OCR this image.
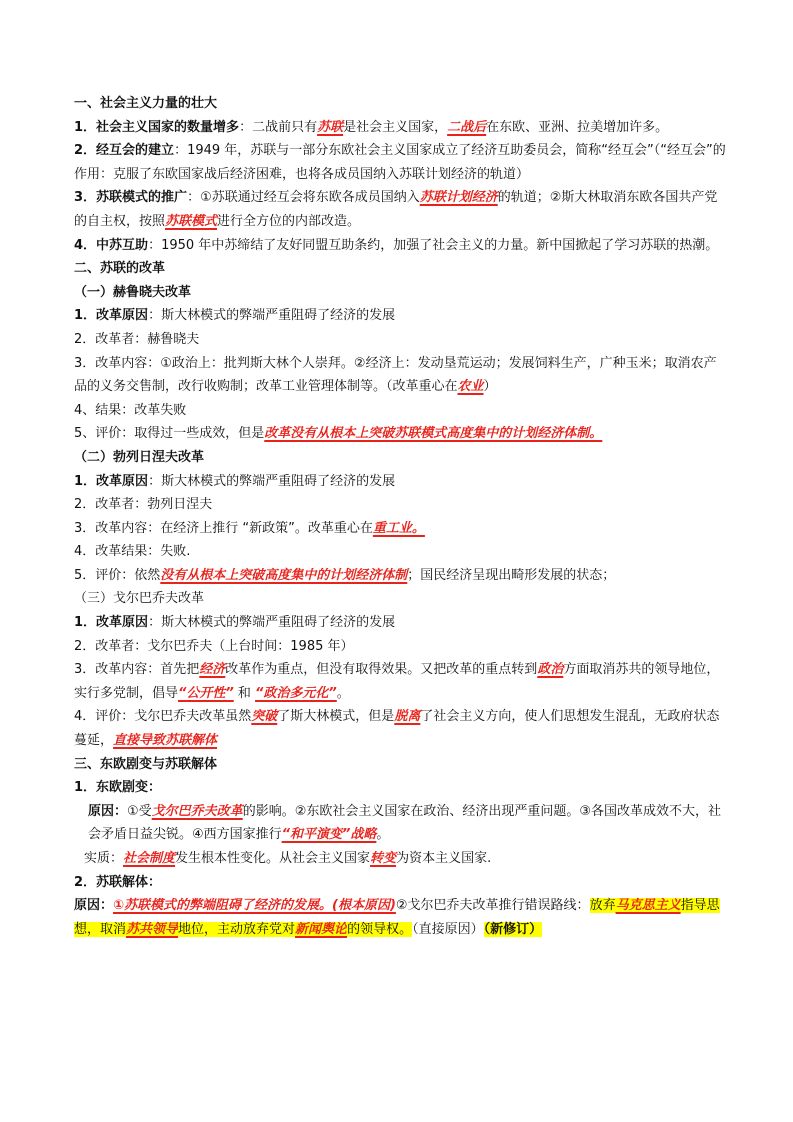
一、社会主义力量的壮大

1．社会主义国家的数量增多：二战前只有苏联是社会主义国家，二战后在东欧、亚洲、拉美增加许多。

2．经互会的建立：1949 年，苏联与一部分东欧社会主义国家成立了经济互助委员会，简称“经互会”（“经互会”的作用：克服了东欧国家战后经济困难，也将各成员国纳入苏联计划经济的轨道）

3．苏联模式的推广：①苏联通过经互会将东欧各成员国纳入苏联计划经济的轨道；②斯大林取消东欧各国共产党的自主权，按照苏联模式进行全方位的内部改造。

4．中苏互助：1950 年中苏缔结了友好同盟互助条约，加强了社会主义的力量。新中国掀起了学习苏联的热潮。

二、苏联的改革

（一）赫鲁晓夫改革

1．改革原因：斯大林模式的弊端严重阻碍了经济的发展

2．改革者：赫鲁晓夫

3．改革内容：①政治上：批判斯大林个人崇拜。②经济上：发动垦荒运动；发展饲料生产，广种玉米；取消农产品的义务交售制，改行收购制；改革工业管理体制等。（改革重心在农业）

4、结果：改革失败

5、评价：取得过一些成效，但是改革没有从根本上突破苏联模式高度集中的计划经济体制。

（二）勃列日涅夫改革

1．改革原因：斯大林模式的弊端严重阻碍了经济的发展

2．改革者：勃列日涅夫

3．改革内容：在经济上推行 “新政策”。改革重心在重工业。

4．改革结果：失败.

5．评价：依然没有从根本上突破高度集中的计划经济体制；国民经济呈现出畸形发展的状态；

（三）戈尔巴乔夫改革

1．改革原因：斯大林模式的弊端严重阻碍了经济的发展

2．改革者：戈尔巴乔夫（上台时间：1985 年）

3．改革内容：首先把经济改革作为重点，但没有取得效果。又把改革的重点转到政治方面取消苏共的领导地位，实行多党制，倡导“公开性” 和 “政治多元化”。

4．评价：戈尔巴乔夫改革虽然突破了斯大林模式，但是脱离了社会主义方向，使人们思想发生混乱，无政府状态蔓延，直接导致苏联解体

三、东欧剧变与苏联解体

1．东欧剧变：

原因：①受戈尔巴乔夫改革的影响。②东欧社会主义国家在政治、经济出现严重问题。③各国改革成效不大，社会矛盾日益尖锐。④西方国家推行“和平演变”战略。

实质：社会制度发生根本性变化。从社会主义国家转变为资本主义国家.

2．苏联解体：

原因：①苏联模式的弊端阻碍了经济的发展。(根本原因)②戈尔巴乔夫改革推行错误路线：放弃马克思主义指导思想，取消苏共领导地位，主动放弃党对新闻舆论的领导权。（直接原因）（新修订）
